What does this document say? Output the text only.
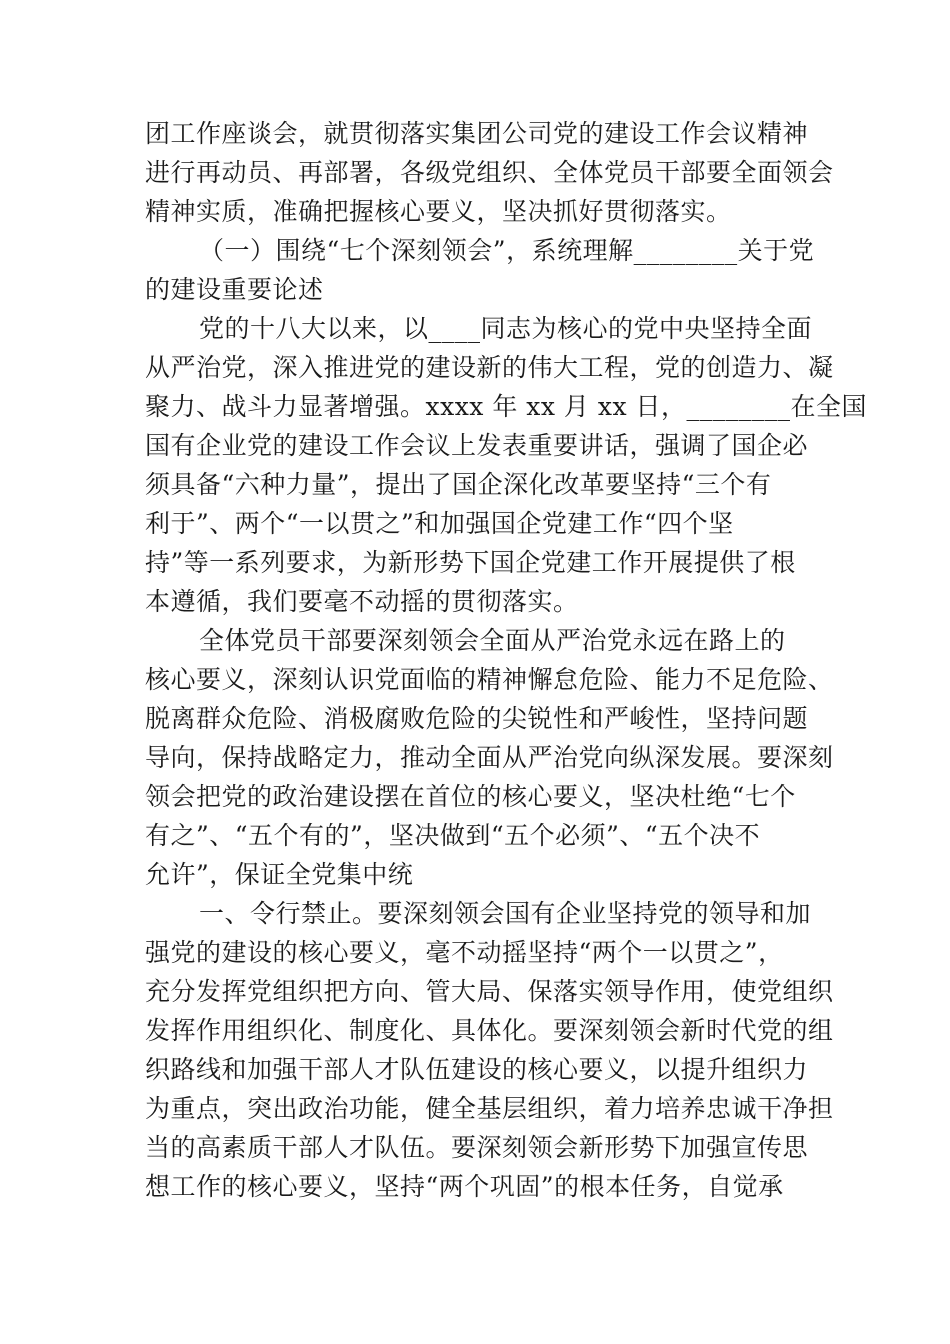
团工作座谈会，就贯彻落实集团公司党的建设工作会议精神
进行再动员、再部署，各级党组织、全体党员干部要全面领会
精神实质，准确把握核心要义，坚决抓好贯彻落实。
（一）围绕“七个深刻领会”，系统理解________关于党
的建设重要论述
党的十八大以来，以____同志为核心的党中央坚持全面
从严治党，深入推进党的建设新的伟大工程，党的创造力、凝
聚力、战斗力显著增强。xxxx 年 xx 月 xx 日，________在全国
国有企业党的建设工作会议上发表重要讲话，强调了国企必
须具备“六种力量”，提出了国企深化改革要坚持“三个有
利于”、两个“一以贯之”和加强国企党建工作“四个坚
持”等一系列要求，为新形势下国企党建工作开展提供了根
本遵循，我们要毫不动摇的贯彻落实。
全体党员干部要深刻领会全面从严治党永远在路上的
核心要义，深刻认识党面临的精神懈怠危险、能力不足危险、
脱离群众危险、消极腐败危险的尖锐性和严峻性，坚持问题
导向，保持战略定力，推动全面从严治党向纵深发展。要深刻
领会把党的政治建设摆在首位的核心要义，坚决杜绝“七个
有之”、“五个有的”，坚决做到“五个必须”、“五个决不
允许”，保证全党集中统
一、令行禁止。要深刻领会国有企业坚持党的领导和加
强党的建设的核心要义，毫不动摇坚持“两个一以贯之”，
充分发挥党组织把方向、管大局、保落实领导作用，使党组织
发挥作用组织化、制度化、具体化。要深刻领会新时代党的组
织路线和加强干部人才队伍建设的核心要义，以提升组织力
为重点，突出政治功能，健全基层组织，着力培养忠诚干净担
当的高素质干部人才队伍。要深刻领会新形势下加强宣传思
想工作的核心要义，坚持“两个巩固”的根本任务，自觉承
